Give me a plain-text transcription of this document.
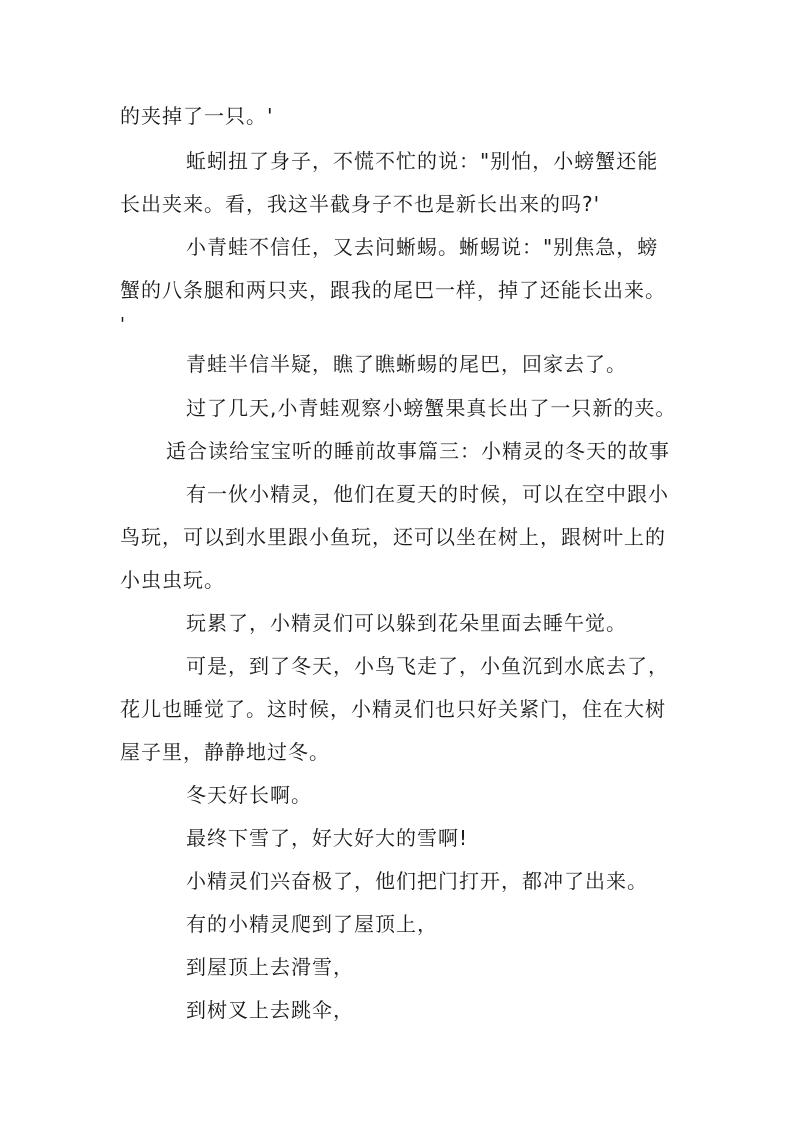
的夹掉了一只。'
蚯蚓扭了身子，不慌不忙的说："别怕，小螃蟹还能
长出夹来。看，我这半截身子不也是新长出来的吗?'
小青蛙不信任，又去问蜥蜴。蜥蜴说："别焦急，螃
蟹的八条腿和两只夹，跟我的尾巴一样，掉了还能长出来。
'
青蛙半信半疑，瞧了瞧蜥蜴的尾巴，回家去了。
过了几天,小青蛙观察小螃蟹果真长出了一只新的夹。
适合读给宝宝听的睡前故事篇三：小精灵的冬天的故事
有一伙小精灵，他们在夏天的时候，可以在空中跟小
鸟玩，可以到水里跟小鱼玩，还可以坐在树上，跟树叶上的
小虫虫玩。
玩累了，小精灵们可以躲到花朵里面去睡午觉。
可是，到了冬天，小鸟飞走了，小鱼沉到水底去了，
花儿也睡觉了。这时候，小精灵们也只好关紧门，住在大树
屋子里，静静地过冬。
冬天好长啊。
最终下雪了，好大好大的雪啊!
小精灵们兴奋极了，他们把门打开，都冲了出来。
有的小精灵爬到了屋顶上，
到屋顶上去滑雪，
到树叉上去跳伞，
